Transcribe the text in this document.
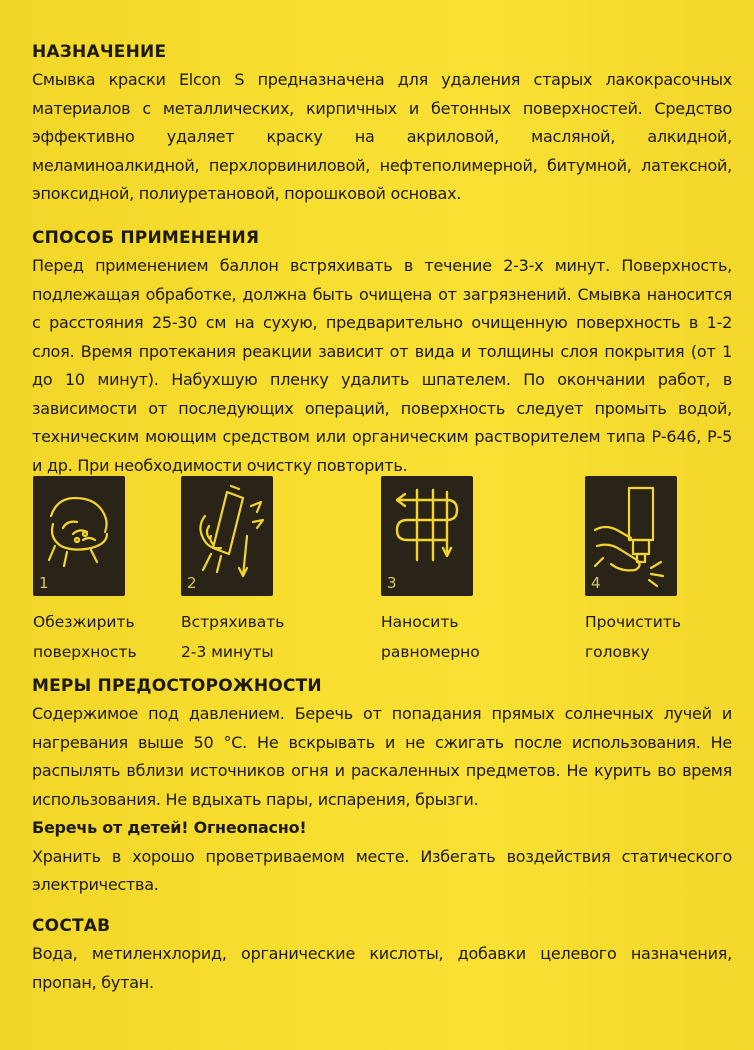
НАЗНАЧЕНИЕ

Смывка краски Elcon S предназначена для удаления старых лакокрасочных материалов с металлических, кирпичных и бетонных поверхностей. Средство эффективно удаляет краску на акриловой, масляной, алкидной, меламиноалкидной, перхлорвиниловой, нефтеполимерной, битумной, латексной, эпоксидной, полиуретановой, порошковой основах.

СПОСОБ ПРИМЕНЕНИЯ

Перед применением баллон встряхивать в течение 2-3-х минут. Поверхность, подлежащая обработке, должна быть очищена от загрязнений. Смывка наносится с расстояния 25-30 см на сухую, предварительно очищенную поверхность в 1-2 слоя. Время протекания реакции зависит от вида и толщины слоя покрытия (от 1 до 10 минут). Набухшую пленку удалить шпателем. По окончании работ, в зависимости от последующих операций, поверхность следует промыть водой, техническим моющим средством или органическим растворителем типа Р-646, Р-5 и др. При необходимости очистку повторить.

1
Обезжирить
поверхность
2
Встряхивать
2-3 минуты
3
Наносить
равномерно
4
Прочистить
головку
МЕРЫ ПРЕДОСТОРОЖНОСТИ

Содержимое под давлением. Беречь от попадания прямых солнечных лучей и нагревания выше 50 °С. Не вскрывать и не сжигать после использования. Не распылять вблизи источников огня и раскаленных предметов. Не курить во время использования. Не вдыхать пары, испарения, брызги.

Беречь от детей! Огнеопасно!

Хранить в хорошо проветриваемом месте. Избегать воздействия статического электричества.

СОСТАВ

Вода, метиленхлорид, органические кислоты, добавки целевого назначения, пропан, бутан.
